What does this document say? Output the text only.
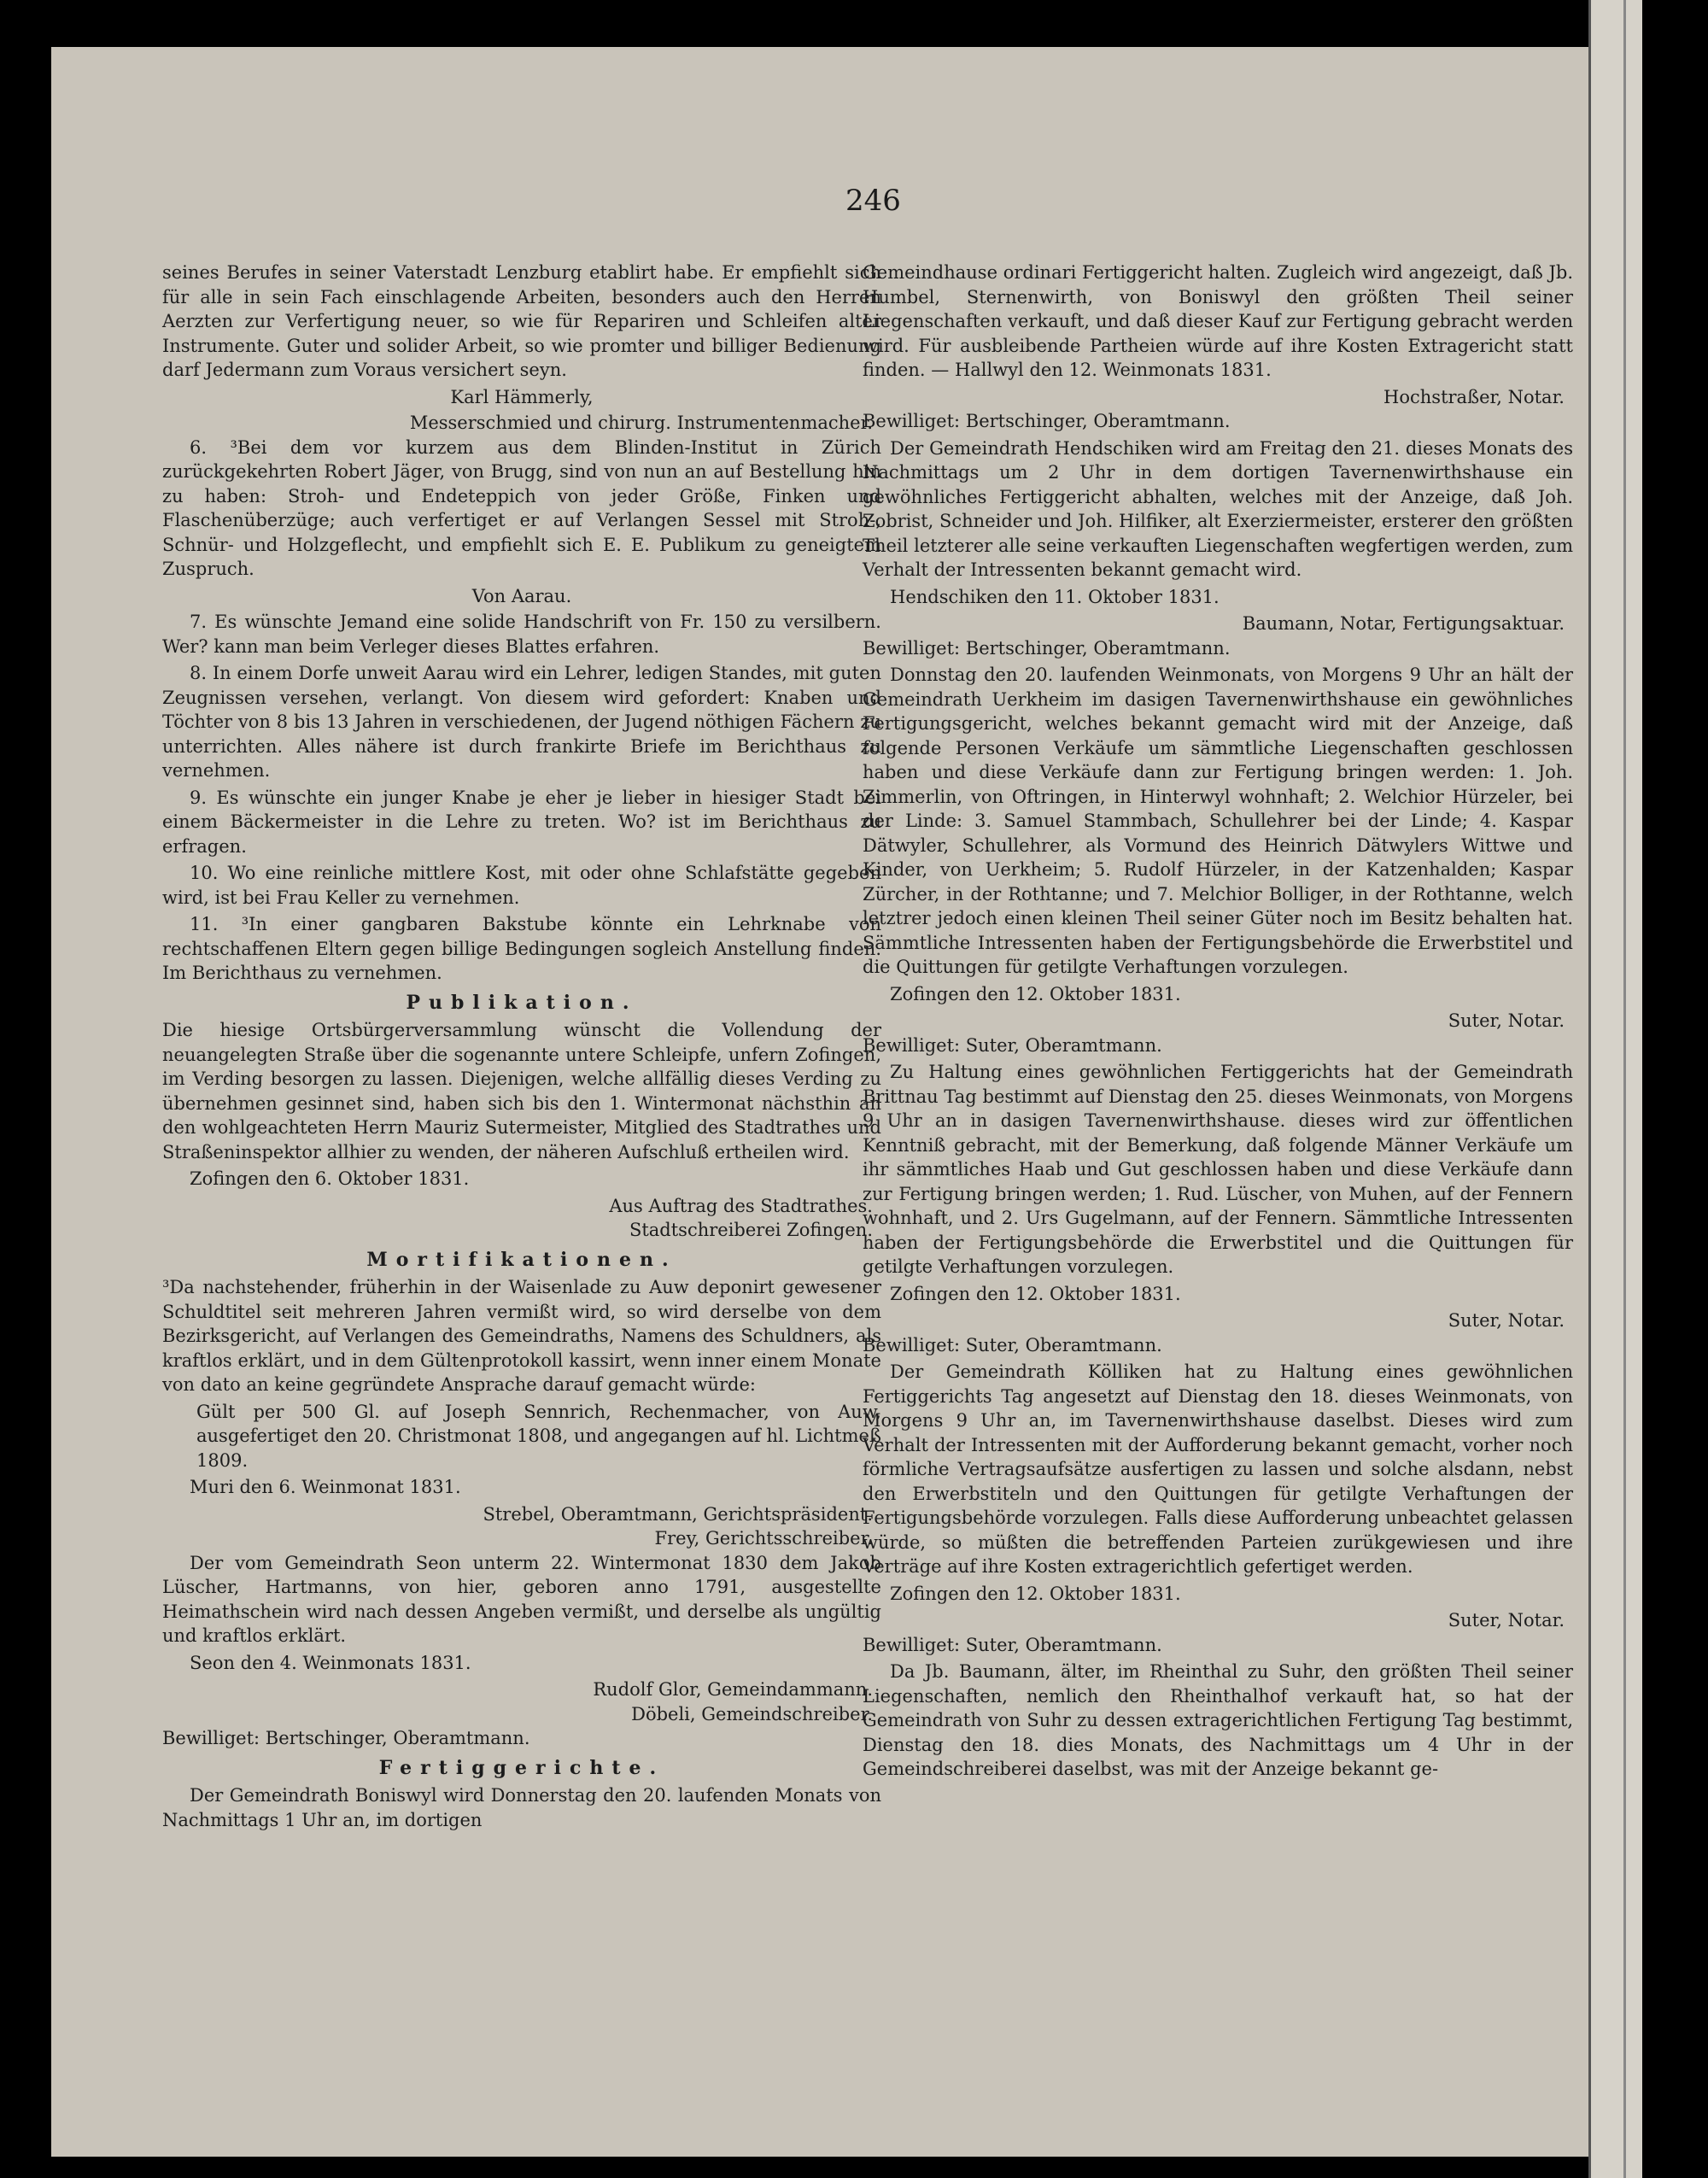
246

seines Berufes in seiner Vaterstadt Lenzburg etablirt habe. Er empfiehlt sich für alle in sein Fach einschlagende Arbeiten, besonders auch den Herren Aerzten zur Verfertigung neuer, so wie für Repariren und Schleifen alter Instrumente. Guter und solider Arbeit, so wie promter und billiger Bedienung darf Jedermann zum Voraus versichert seyn.

Karl Hämmerly,

Messerschmied und chirurg. Instrumentenmacher.

6. ³Bei dem vor kurzem aus dem Blinden-Institut in Zürich zurückgekehrten Robert Jäger, von Brugg, sind von nun an auf Bestellung hin zu haben: Stroh- und Endeteppich von jeder Größe, Finken und Flaschenüberzüge; auch verfertiget er auf Verlangen Sessel mit Stroh-, Schnür- und Holzgeflecht, und empfiehlt sich E. E. Publikum zu geneigtem Zuspruch.

Von Aarau.

7. Es wünschte Jemand eine solide Handschrift von Fr. 150 zu versilbern. Wer? kann man beim Verleger dieses Blattes erfahren.

8. In einem Dorfe unweit Aarau wird ein Lehrer, ledigen Standes, mit guten Zeugnissen versehen, verlangt. Von diesem wird gefordert: Knaben und Töchter von 8 bis 13 Jahren in verschiedenen, der Jugend nöthigen Fächern zu unterrichten. Alles nähere ist durch frankirte Briefe im Berichthaus zu vernehmen.

9. Es wünschte ein junger Knabe je eher je lieber in hiesiger Stadt bei einem Bäckermeister in die Lehre zu treten. Wo? ist im Berichthaus zu erfragen.

10. Wo eine reinliche mittlere Kost, mit oder ohne Schlafstätte gegeben wird, ist bei Frau Keller zu vernehmen.

11. ³In einer gangbaren Bakstube könnte ein Lehrknabe von rechtschaffenen Eltern gegen billige Bedingungen sogleich Anstellung finden. Im Berichthaus zu vernehmen.

Publikation.

Die hiesige Ortsbürgerversammlung wünscht die Vollendung der neuangelegten Straße über die sogenannte untere Schleipfe, unfern Zofingen, im Verding besorgen zu lassen. Diejenigen, welche allfällig dieses Verding zu übernehmen gesinnet sind, haben sich bis den 1. Wintermonat nächsthin an den wohlgeachteten Herrn Mauriz Sutermeister, Mitglied des Stadtrathes und Straßeninspektor allhier zu wenden, der näheren Aufschluß ertheilen wird.

Zofingen den 6. Oktober 1831.

Aus Auftrag des Stadtrathes.

Stadtschreiberei Zofingen.

Mortifikationen.

³Da nachstehender, früherhin in der Waisenlade zu Auw deponirt gewesener Schuldtitel seit mehreren Jahren vermißt wird, so wird derselbe von dem Bezirksgericht, auf Verlangen des Gemeindraths, Namens des Schuldners, als kraftlos erklärt, und in dem Gültenprotokoll kassirt, wenn inner einem Monate von dato an keine gegründete Ansprache darauf gemacht würde:

Gült per 500 Gl. auf Joseph Sennrich, Rechenmacher, von Auw, ausgefertiget den 20. Christmonat 1808, und angegangen auf hl. Lichtmeß 1809.

Muri den 6. Weinmonat 1831.

Strebel, Oberamtmann, Gerichtspräsident.

Frey, Gerichtsschreiber.

Der vom Gemeindrath Seon unterm 22. Wintermonat 1830 dem Jakob Lüscher, Hartmanns, von hier, geboren anno 1791, ausgestellte Heimathschein wird nach dessen Angeben vermißt, und derselbe als ungültig und kraftlos erklärt.

Seon den 4. Weinmonats 1831.

Rudolf Glor, Gemeindammann.

Döbeli, Gemeindschreiber.

Bewilliget: Bertschinger, Oberamtmann.

Fertiggerichte.

Der Gemeindrath Boniswyl wird Donnerstag den 20. laufenden Monats von Nachmittags 1 Uhr an, im dortigen

Gemeindhause ordinari Fertiggericht halten. Zugleich wird angezeigt, daß Jb. Humbel, Sternenwirth, von Boniswyl den größten Theil seiner Liegenschaften verkauft, und daß dieser Kauf zur Fertigung gebracht werden wird. Für ausbleibende Partheien würde auf ihre Kosten Extragericht statt finden. — Hallwyl den 12. Weinmonats 1831.

Hochstraßer, Notar.

Bewilliget: Bertschinger, Oberamtmann.

Der Gemeindrath Hendschiken wird am Freitag den 21. dieses Monats des Nachmittags um 2 Uhr in dem dortigen Tavernenwirthshause ein gewöhnliches Fertiggericht abhalten, welches mit der Anzeige, daß Joh. Zobrist, Schneider und Joh. Hilfiker, alt Exerziermeister, ersterer den größten Theil letzterer alle seine verkauften Liegenschaften wegfertigen werden, zum Verhalt der Intressenten bekannt gemacht wird.

Hendschiken den 11. Oktober 1831.

Baumann, Notar, Fertigungsaktuar.

Bewilliget: Bertschinger, Oberamtmann.

Donnstag den 20. laufenden Weinmonats, von Morgens 9 Uhr an hält der Gemeindrath Uerkheim im dasigen Tavernenwirthshause ein gewöhnliches Fertigungsgericht, welches bekannt gemacht wird mit der Anzeige, daß folgende Personen Verkäufe um sämmtliche Liegenschaften geschlossen haben und diese Verkäufe dann zur Fertigung bringen werden: 1. Joh. Zimmerlin, von Oftringen, in Hinterwyl wohnhaft; 2. Welchior Hürzeler, bei der Linde: 3. Samuel Stammbach, Schullehrer bei der Linde; 4. Kaspar Dätwyler, Schullehrer, als Vormund des Heinrich Dätwylers Wittwe und Kinder, von Uerkheim; 5. Rudolf Hürzeler, in der Katzenhalden; Kaspar Zürcher, in der Rothtanne; und 7. Melchior Bolliger, in der Rothtanne, welch letztrer jedoch einen kleinen Theil seiner Güter noch im Besitz behalten hat. Sämmtliche Intressenten haben der Fertigungsbehörde die Erwerbstitel und die Quittungen für getilgte Verhaftungen vorzulegen.

Zofingen den 12. Oktober 1831.

Suter, Notar.

Bewilliget: Suter, Oberamtmann.

Zu Haltung eines gewöhnlichen Fertiggerichts hat der Gemeindrath Brittnau Tag bestimmt auf Dienstag den 25. dieses Weinmonats, von Morgens 9 Uhr an in dasigen Tavernenwirthshause. dieses wird zur öffentlichen Kenntniß gebracht, mit der Bemerkung, daß folgende Männer Verkäufe um ihr sämmtliches Haab und Gut geschlossen haben und diese Verkäufe dann zur Fertigung bringen werden; 1. Rud. Lüscher, von Muhen, auf der Fennern wohnhaft, und 2. Urs Gugelmann, auf der Fennern. Sämmtliche Intressenten haben der Fertigungsbehörde die Erwerbstitel und die Quittungen für getilgte Verhaftungen vorzulegen.

Zofingen den 12. Oktober 1831.

Suter, Notar.

Bewilliget: Suter, Oberamtmann.

Der Gemeindrath Kölliken hat zu Haltung eines gewöhnlichen Fertiggerichts Tag angesetzt auf Dienstag den 18. dieses Weinmonats, von Morgens 9 Uhr an, im Tavernenwirthshause daselbst. Dieses wird zum Verhalt der Intressenten mit der Aufforderung bekannt gemacht, vorher noch förmliche Vertragsaufsätze ausfertigen zu lassen und solche alsdann, nebst den Erwerbstiteln und den Quittungen für getilgte Verhaftungen der Fertigungsbehörde vorzulegen. Falls diese Aufforderung unbeachtet gelassen würde, so müßten die betreffenden Parteien zurükgewiesen und ihre Verträge auf ihre Kosten extragerichtlich gefertiget werden.

Zofingen den 12. Oktober 1831.

Suter, Notar.

Bewilliget: Suter, Oberamtmann.

Da Jb. Baumann, älter, im Rheinthal zu Suhr, den größten Theil seiner Liegenschaften, nemlich den Rheinthalhof verkauft hat, so hat der Gemeindrath von Suhr zu dessen extragerichtlichen Fertigung Tag bestimmt, Dienstag den 18. dies Monats, des Nachmittags um 4 Uhr in der Gemeindschreiberei daselbst, was mit der Anzeige bekannt ge-
